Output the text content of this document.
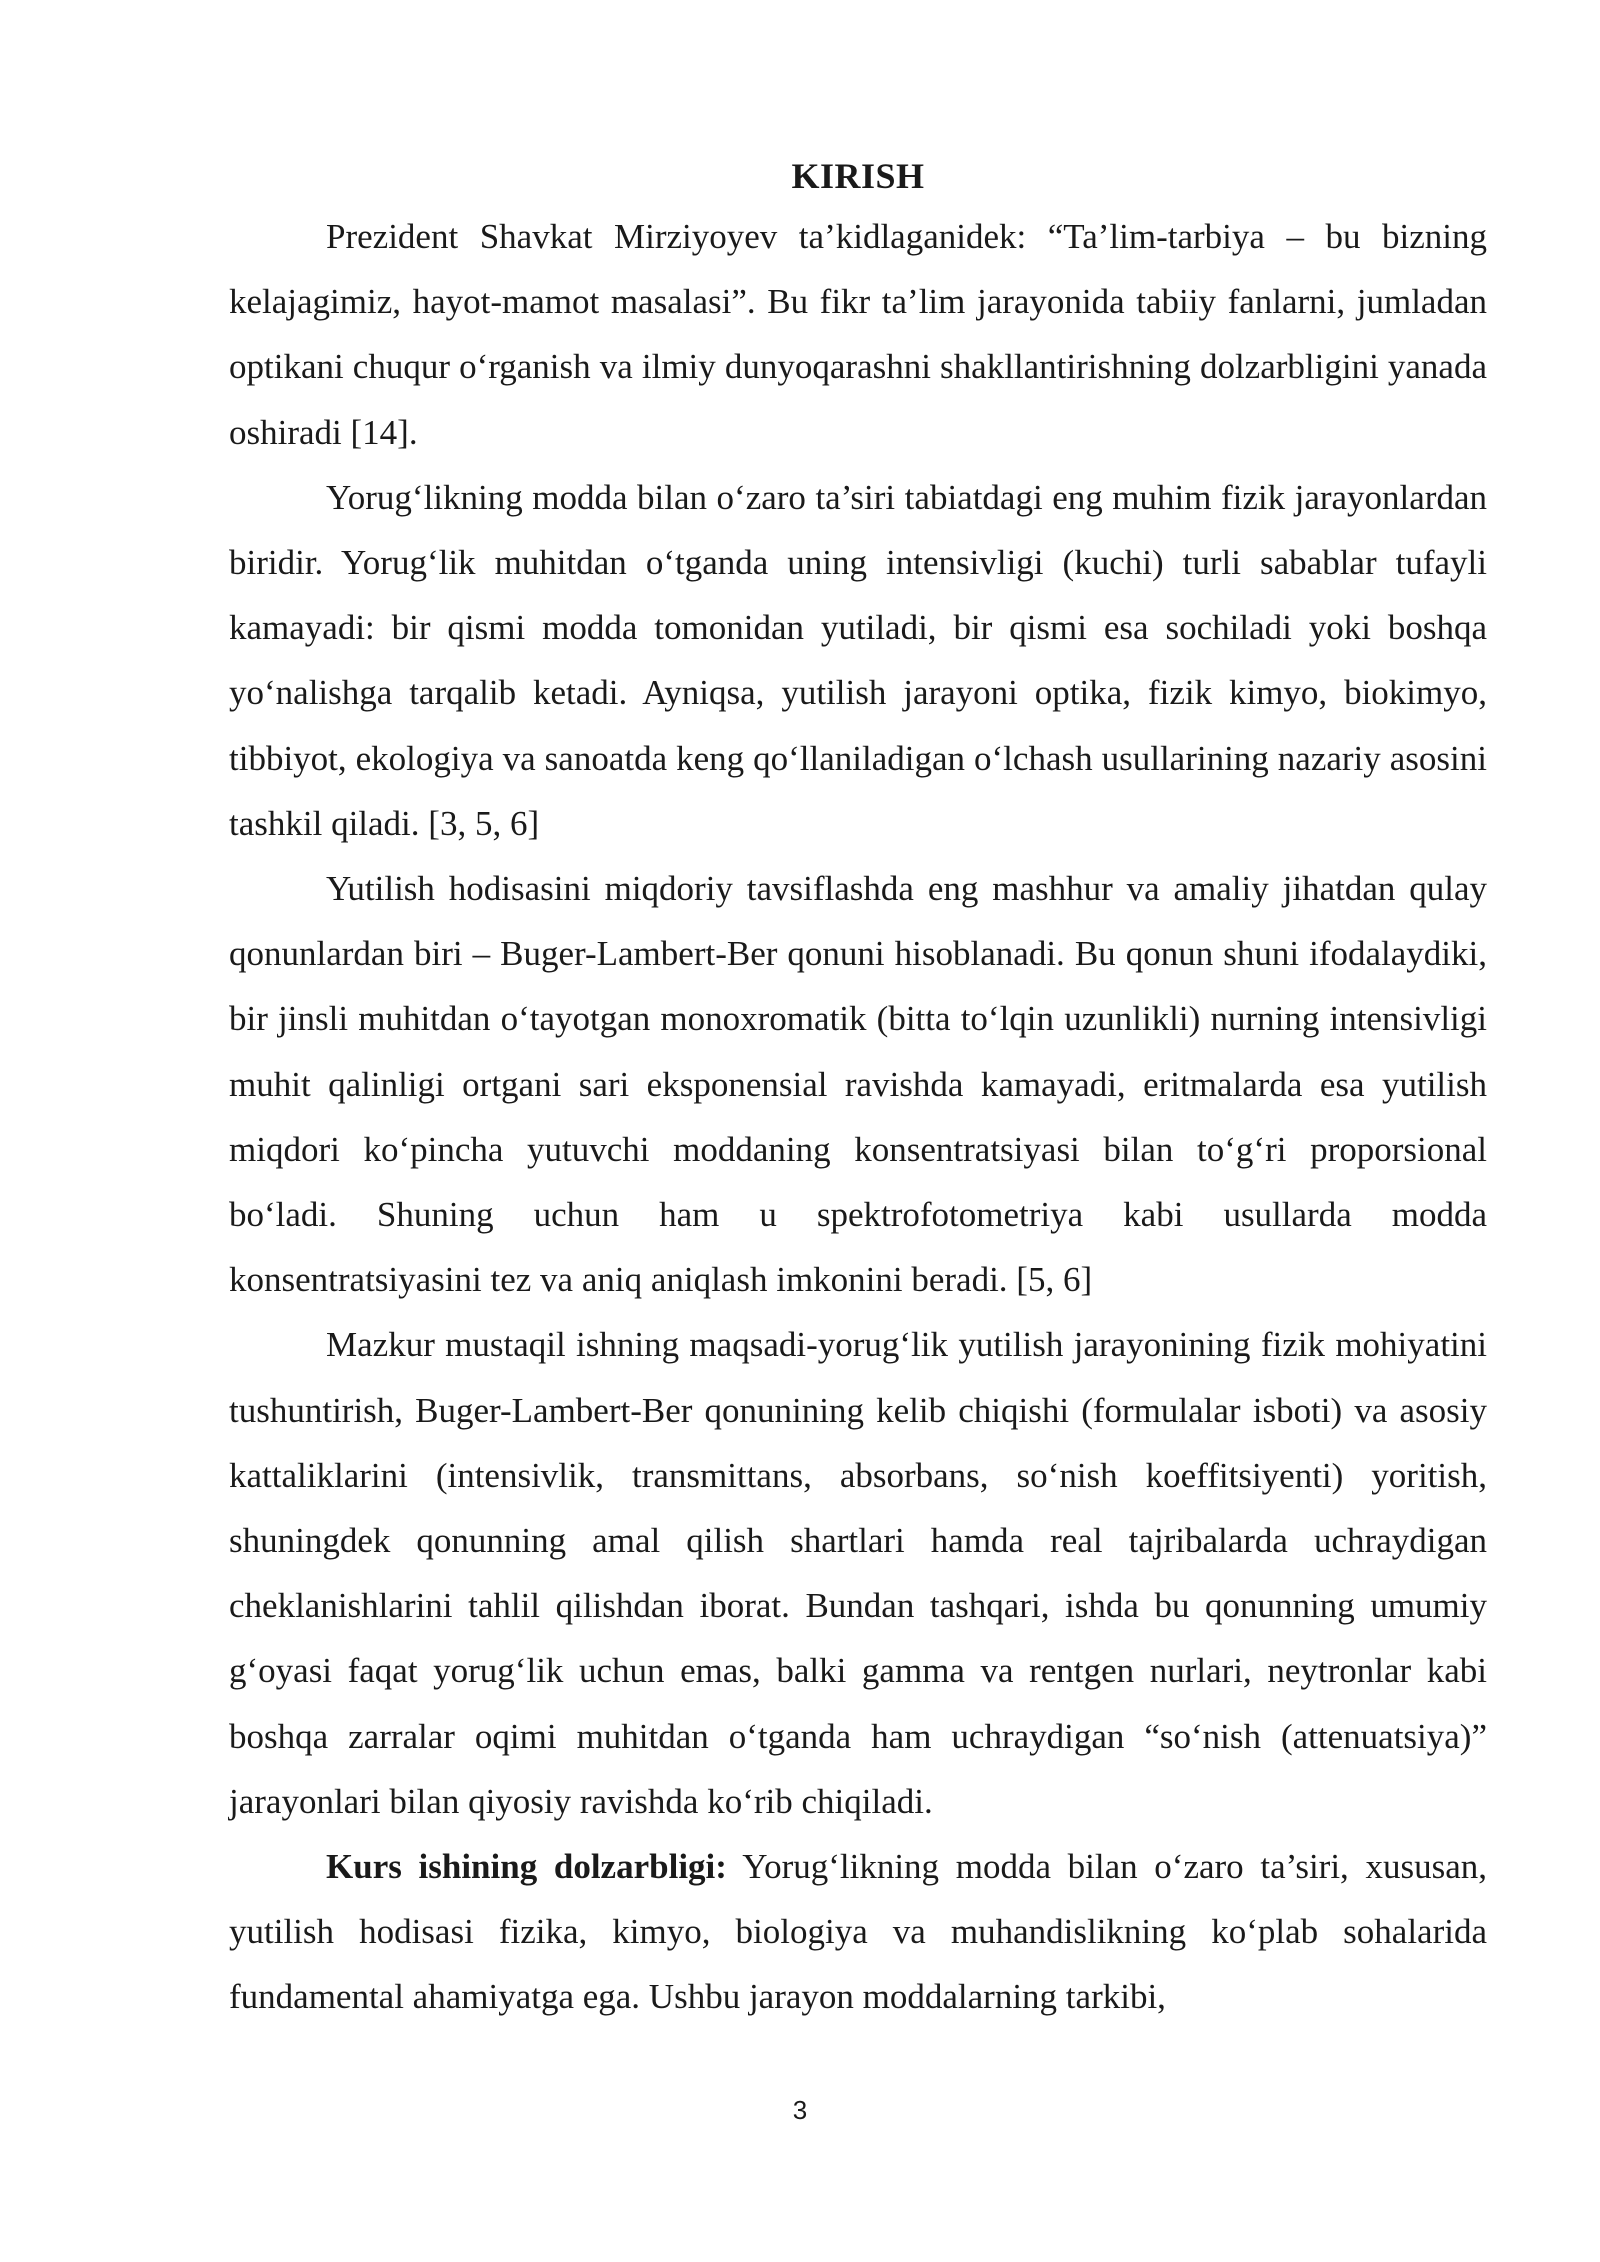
KIRISH

Prezident Shavkat Mirziyoyev ta’kidlaganidek: “Ta’lim-tarbiya – bu bizning kelajagimiz, hayot-mamot masalasi”. Bu fikr ta’lim jarayonida tabiiy fanlarni, jumladan optikani chuqur oʻrganish va ilmiy dunyoqarashni shakllantirishning dolzarbligini yanada oshiradi [14].

Yorugʻlikning modda bilan oʻzaro ta’siri tabiatdagi eng muhim fizik jarayonlardan biridir. Yorugʻlik muhitdan oʻtganda uning intensivligi (kuchi) turli sabablar tufayli kamayadi: bir qismi modda tomonidan yutiladi, bir qismi esa sochiladi yoki boshqa yoʻnalishga tarqalib ketadi. Ayniqsa, yutilish jarayoni optika, fizik kimyo, biokimyo, tibbiyot, ekologiya va sanoatda keng qoʻllaniladigan oʻlchash usullarining nazariy asosini tashkil qiladi. [3, 5, 6]

Yutilish hodisasini miqdoriy tavsiflashda eng mashhur va amaliy jihatdan qulay qonunlardan biri – Buger-Lambert-Ber qonuni hisoblanadi. Bu qonun shuni ifodalaydiki, bir jinsli muhitdan oʻtayotgan monoxromatik (bitta toʻlqin uzunlikli) nurning intensivligi muhit qalinligi ortgani sari eksponensial ravishda kamayadi, eritmalarda esa yutilish miqdori koʻpincha yutuvchi moddaning konsentratsiyasi bilan toʻgʻri proporsional boʻladi. Shuning uchun ham u spektrofotometriya kabi usullarda modda konsentratsiyasini tez va aniq aniqlash imkonini beradi. [5, 6]

Mazkur mustaqil ishning maqsadi-yorugʻlik yutilish jarayonining fizik mohiyatini tushuntirish, Buger-Lambert-Ber qonunining kelib chiqishi (formulalar isboti) va asosiy kattaliklarini (intensivlik, transmittans, absorbans, soʻnish koeffitsiyenti) yoritish, shuningdek qonunning amal qilish shartlari hamda real tajribalarda uchraydigan cheklanishlarini tahlil qilishdan iborat. Bundan tashqari, ishda bu qonunning umumiy gʻoyasi faqat yorugʻlik uchun emas, balki gamma va rentgen nurlari, neytronlar kabi boshqa zarralar oqimi muhitdan oʻtganda ham uchraydigan “soʻnish (attenuatsiya)” jarayonlari bilan qiyosiy ravishda koʻrib chiqiladi.

Kurs ishining dolzarbligi: Yorugʻlikning modda bilan oʻzaro ta’siri, xususan, yutilish hodisasi fizika, kimyo, biologiya va muhandislikning koʻplab sohalarida fundamental ahamiyatga ega. Ushbu jarayon moddalarning tarkibi,

3
